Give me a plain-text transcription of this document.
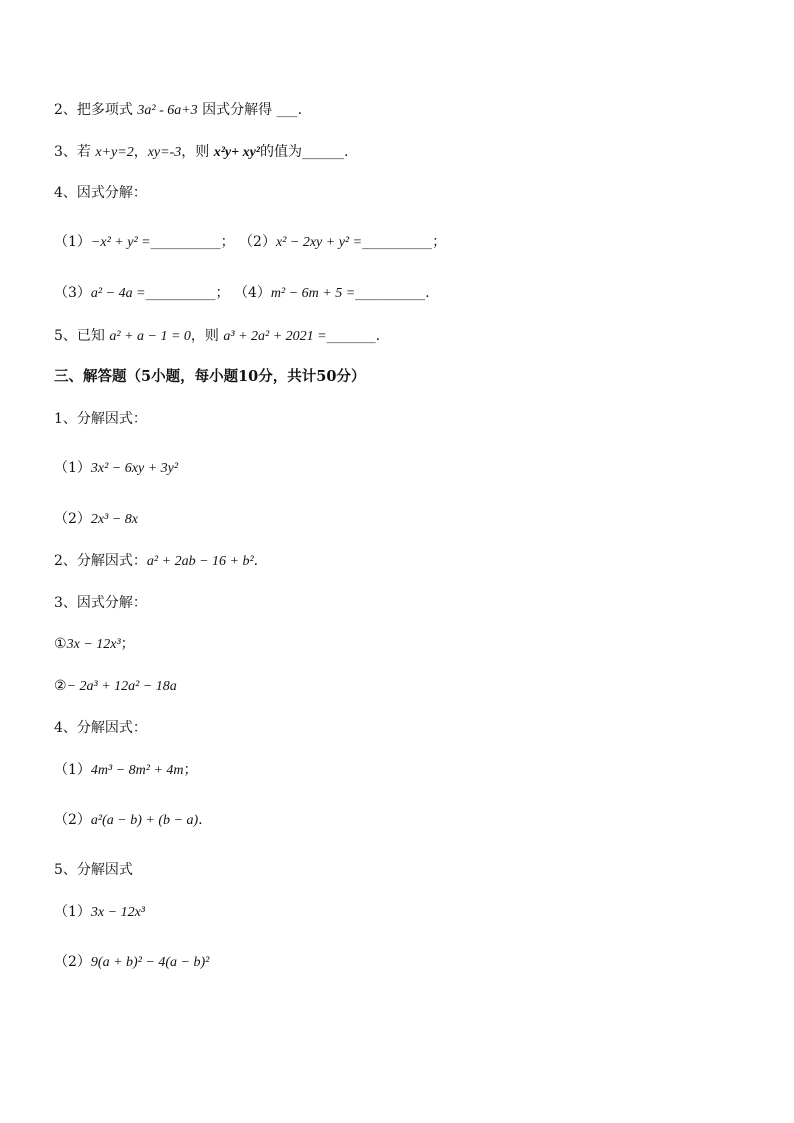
2、把多项式 3a² - 6a+3 因式分解得 ___.
3、若 x+y=2，xy=-3，则 x²y+ xy²的值为______.
4、因式分解：
（1）−x² + y² =__________； （2）x² − 2xy + y² =__________；
（3）a² − 4a =__________； （4）m² − 6m + 5 =__________.
5、已知 a² + a − 1 = 0，则 a³ + 2a² + 2021 =_______.
三、解答题（5小题，每小题10分，共计50分）
1、分解因式：
（1）3x² − 6xy + 3y²
（2）2x³ − 8x
2、分解因式：a² + 2ab − 16 + b².
3、因式分解：
①3x − 12x³；
②− 2a³ + 12a² − 18a
4、分解因式：
（1）4m³ − 8m² + 4m；
（2）a²(a − b) + (b − a).
5、分解因式
（1）3x − 12x³
（2）9(a + b)² − 4(a − b)²
